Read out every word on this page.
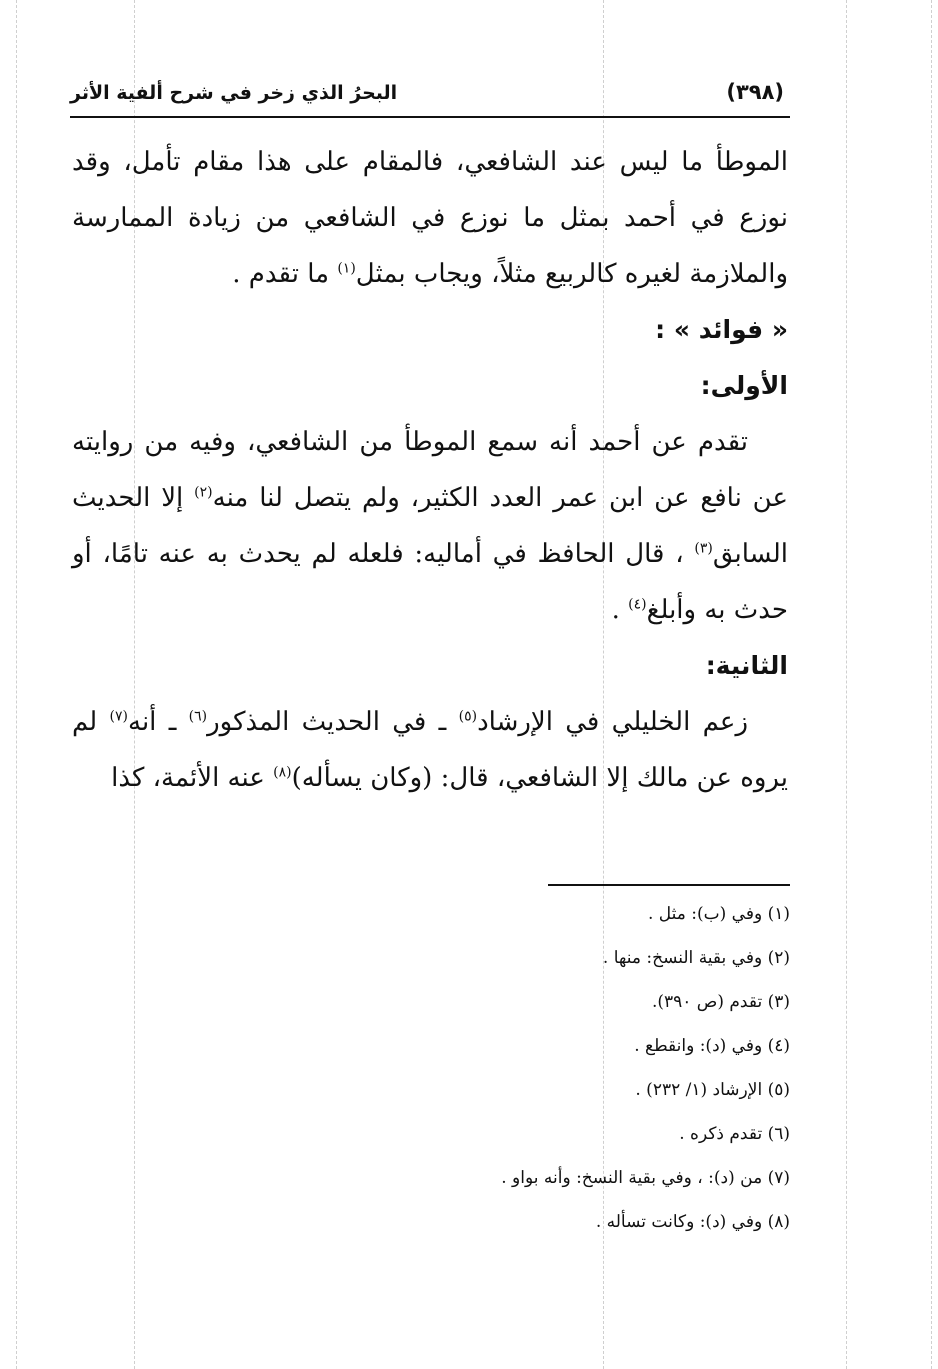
(٣٩٨)
البحرُ الذي زخر في شرح ألفية الأثر

الموطأ ما ليس عند الشافعي، فالمقام على هذا مقام تأمل، وقد نوزع في أحمد بمثل ما نوزع في الشافعي من زيادة الممارسة والملازمة لغيره كالربيع مثلاً، ويجاب بمثل$^{(١)}$ ما تقدم .

« فوائد » :

الأولى:

تقدم عن أحمد أنه سمع الموطأ من الشافعي، وفيه من روايته عن نافع عن ابن عمر العدد الكثير، ولم يتصل لنا منه$^{(٢)}$ إلا الحديث السابق$^{(٣)}$ ، قال الحافظ في أماليه: فلعله لم يحدث به عنه تامًا، أو حدث به وأبلغ$^{(٤)}$ .

الثانية:

زعم الخليلي في الإرشاد$^{(٥)}$ ـ في الحديث المذكور$^{(٦)}$ ـ أنه$^{(٧)}$ لم يروه عن مالك إلا الشافعي، قال: (وكان يسأله)$^{(٨)}$ عنه الأئمة، كذا

(١) وفي (ب): مثل .
(٢) وفي بقية النسخ: منها .
(٣) تقدم (ص ٣٩٠).
(٤) وفي (د): وانقطع .
(٥) الإرشاد (١/ ٢٣٢) .
(٦) تقدم ذكره .
(٧) من (د): ، وفي بقية النسخ: وأنه بواو .
(٨) وفي (د): وكانت تسأله .
